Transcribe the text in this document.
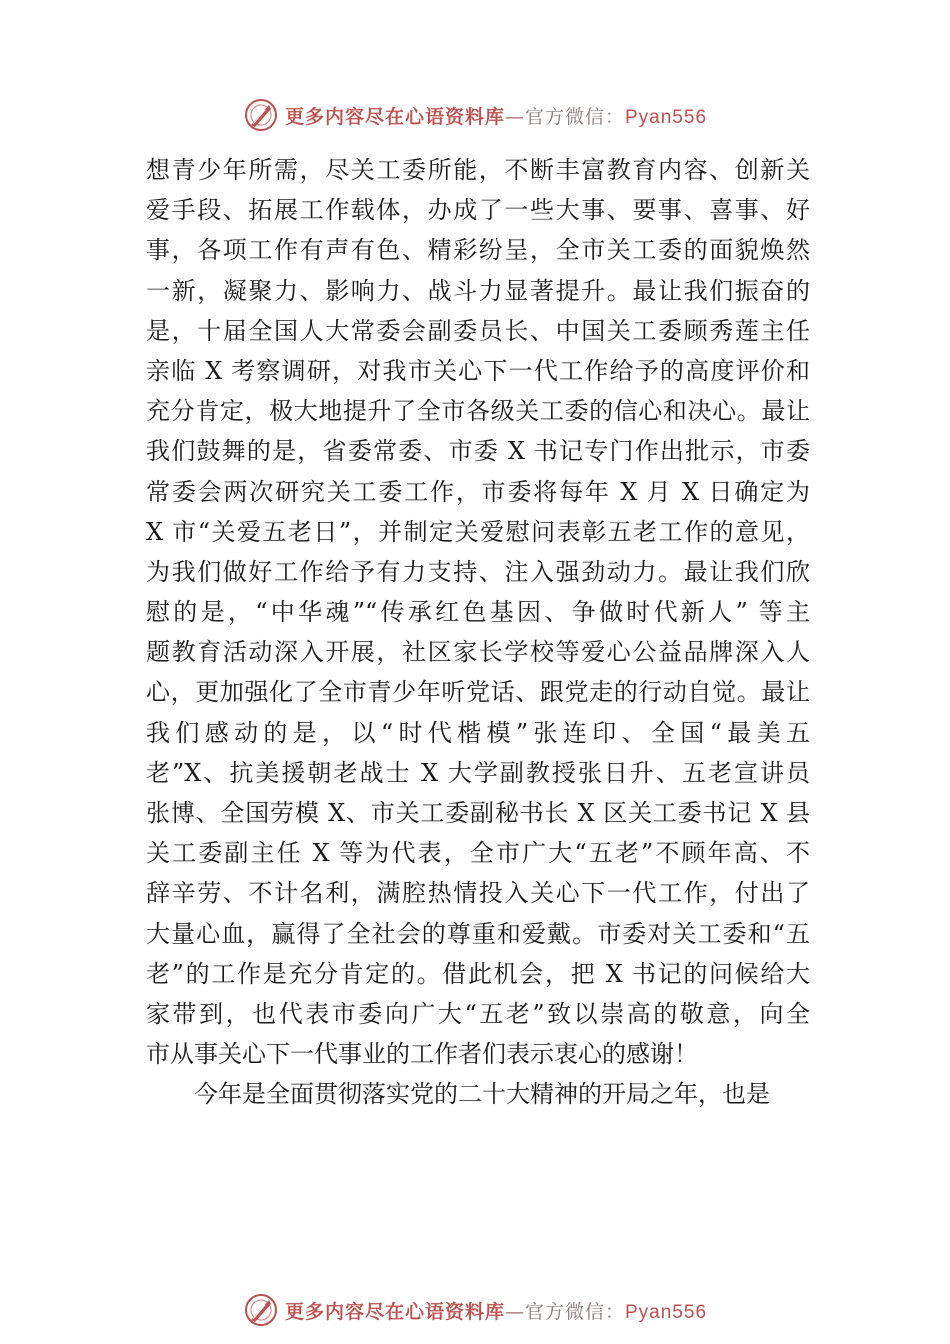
更多内容尽在心语资料库—官方微信：Pyan556
想青少年所需，尽关工委所能，不断丰富教育内容、创新关
爱手段、拓展工作载体，办成了一些大事、要事、喜事、好
事，各项工作有声有色、精彩纷呈，全市关工委的面貌焕然
一新，凝聚力、影响力、战斗力显著提升。最让我们振奋的
是，十届全国人大常委会副委员长、中国关工委顾秀莲主任
亲临 X 考察调研，对我市关心下一代工作给予的高度评价和
充分肯定，极大地提升了全市各级关工委的信心和决心。最让
我们鼓舞的是，省委常委、市委 X 书记专门作出批示，市委
常委会两次研究关工委工作，市委将每年 X 月 X 日确定为
X 市“关爱五老日”，并制定关爱慰问表彰五老工作的意见，
为我们做好工作给予有力支持、注入强劲动力。最让我们欣
慰的是，“中华魂”“传承红色基因、争做时代新人” 等主
题教育活动深入开展，社区家长学校等爱心公益品牌深入人
心，更加强化了全市青少年听党话、跟党走的行动自觉。最让
我们感动的是，以“时代楷模”张连印、全国“最美五
老”X、抗美援朝老战士 X 大学副教授张日升、五老宣讲员
张博、全国劳模 X、市关工委副秘书长 X 区关工委书记 X 县
关工委副主任 X 等为代表，全市广大“五老”不顾年高、不
辞辛劳、不计名利，满腔热情投入关心下一代工作，付出了
大量心血，赢得了全社会的尊重和爱戴。市委对关工委和“五
老”的工作是充分肯定的。借此机会，把 X 书记的问候给大
家带到，也代表市委向广大“五老”致以崇高的敬意，向全
市从事关心下一代事业的工作者们表示衷心的感谢！
今年是全面贯彻落实党的二十大精神的开局之年，也是
更多内容尽在心语资料库—官方微信：Pyan556
